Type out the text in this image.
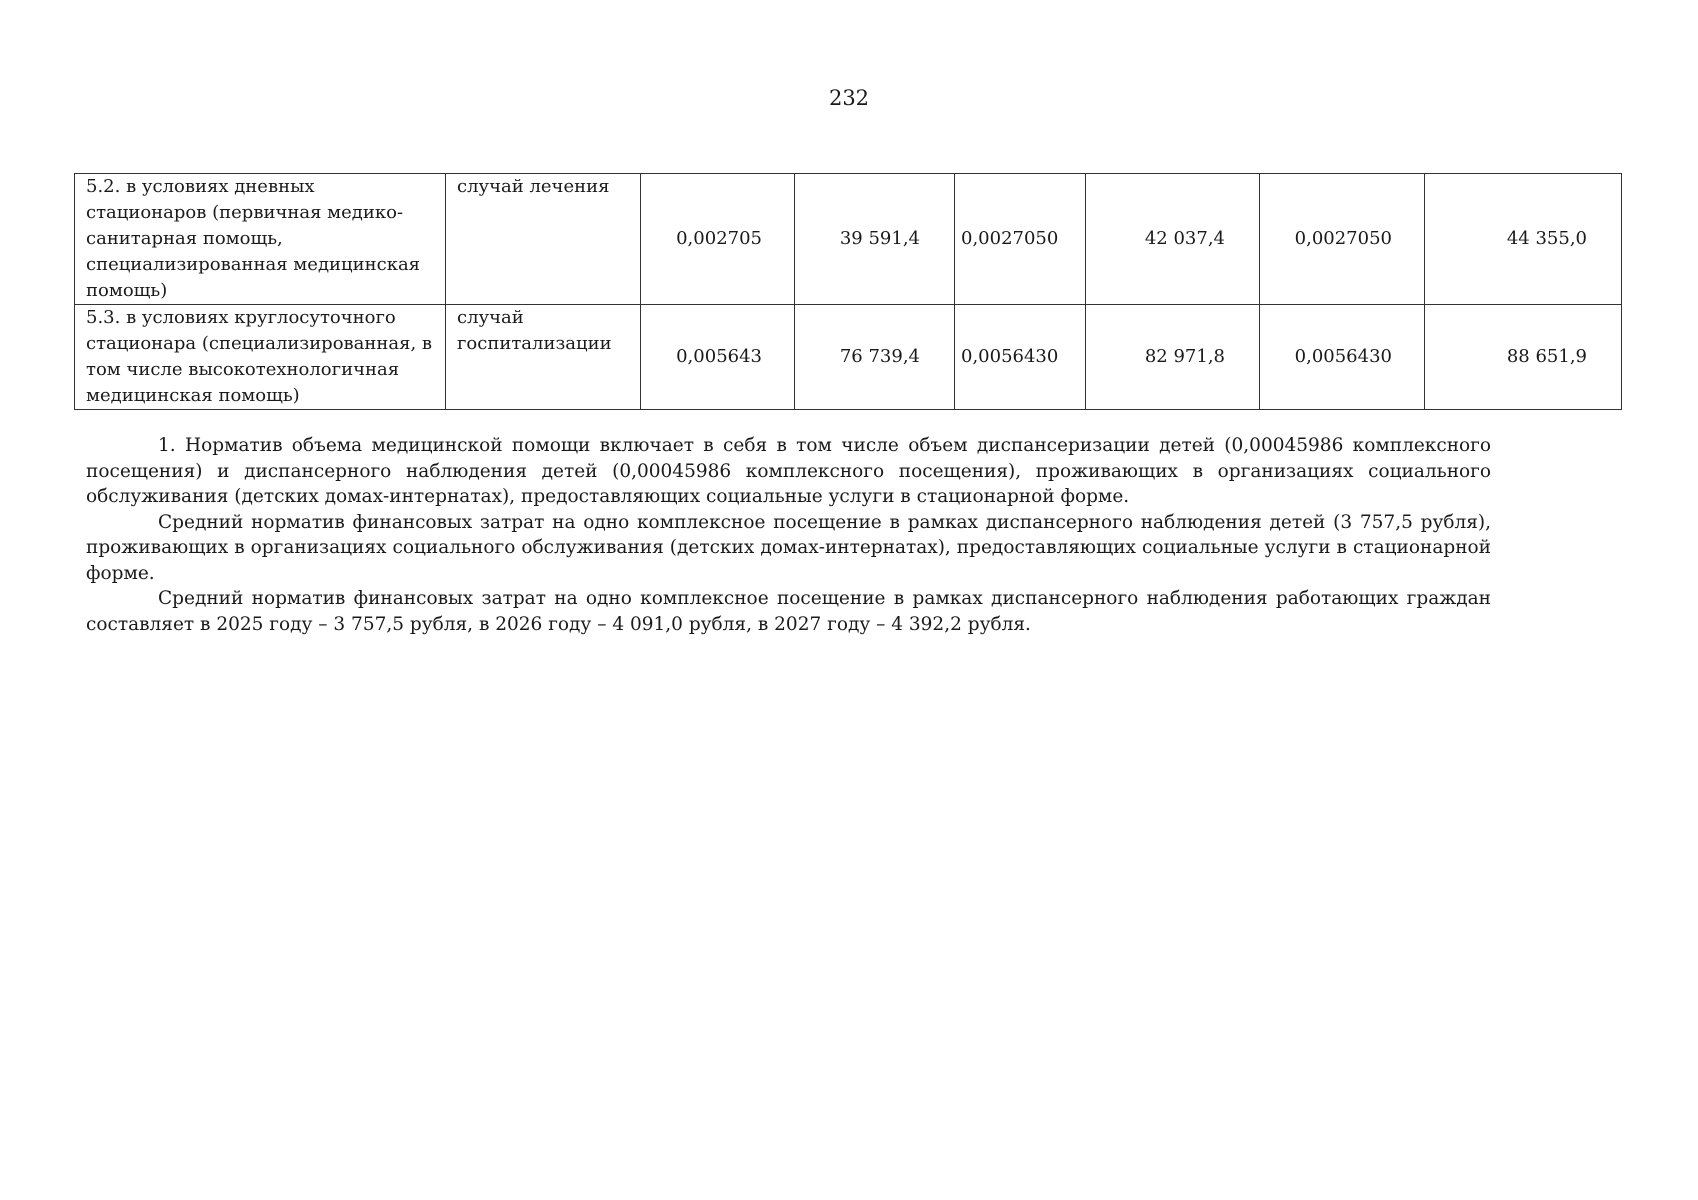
232
5.2. в условиях дневных стационаров (первичная медико-санитарная помощь, специализированная медицинская помощь)	случай лечения	0,002705	39 591,4	0,0027050	42 037,4	0,0027050	44 355,0
5.3. в условиях круглосуточного стационара (специализированная, в том числе высокотехнологичная медицинская помощь)	случай госпитализации	0,005643	76 739,4	0,0056430	82 971,8	0,0056430	88 651,9

1. Норматив объема медицинской помощи включает в себя в том числе объем диспансеризации детей (0,00045986 комплексного посещения) и диспансерного наблюдения детей (0,00045986 комплексного посещения), проживающих в организациях социального обслуживания (детских домах-интернатах), предоставляющих социальные услуги в стационарной форме.

Средний норматив финансовых затрат на одно комплексное посещение в рамках диспансерного наблюдения детей (3 757,5 рубля), проживающих в организациях социального обслуживания (детских домах-интернатах), предоставляющих социальные услуги в стационарной форме.

Средний норматив финансовых затрат на одно комплексное посещение в рамках диспансерного наблюдения работающих граждан составляет в 2025 году – 3 757,5 рубля, в 2026 году – 4 091,0 рубля, в 2027 году – 4 392,2 рубля.
